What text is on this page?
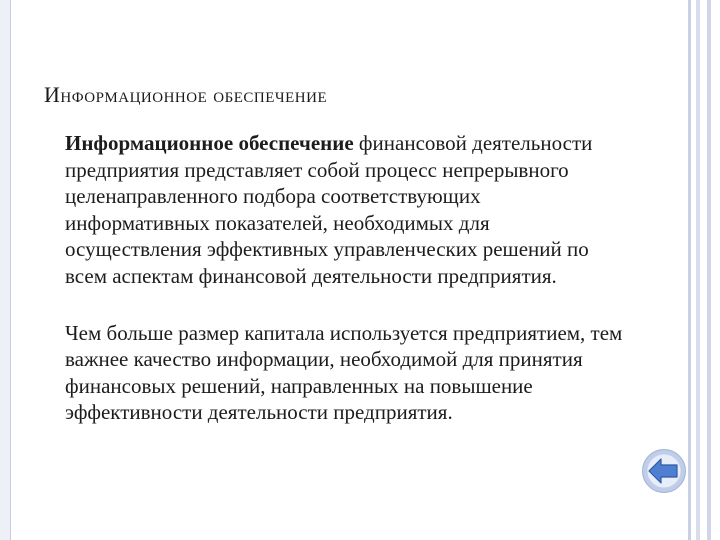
Информационное обеспечение

Информационное обеспечение финансовой деятельности предприятия представляет собой процесс непрерывного целенаправленного подбора соответствующих информативных показателей, необходимых для осуществления эффективных управленческих решений по всем аспектам финансовой деятельности предприятия.

Чем больше размер капитала используется предприятием, тем важнее качество информации, необходимой для принятия финансовых решений, направленных на повышение эффективности деятельности предприятия.
